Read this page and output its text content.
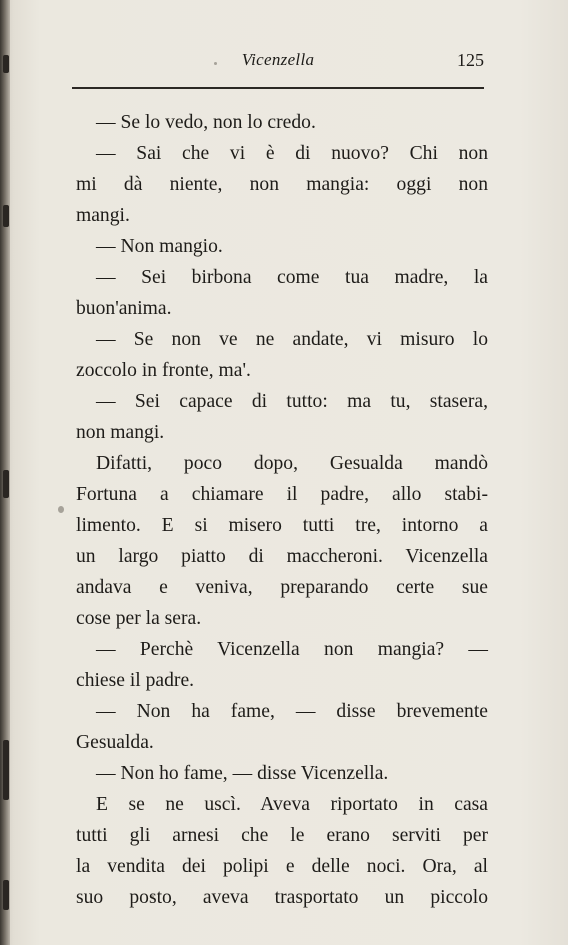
Vicenzella	125
— Se lo vedo, non lo credo.
— Sai che vi è di nuovo? Chi non
mi dà niente, non mangia: oggi non
mangi.
— Non mangio.
— Sei birbona come tua madre, la
buon'anima.
— Se non ve ne andate, vi misuro lo
zoccolo in fronte, ma'.
— Sei capace di tutto: ma tu, stasera,
non mangi.
Difatti, poco dopo, Gesualda mandò
Fortuna a chiamare il padre, allo stabi-
limento. E si misero tutti tre, intorno a
un largo piatto di maccheroni. Vicenzella
andava e veniva, preparando certe sue
cose per la sera.
— Perchè Vicenzella non mangia? —
chiese il padre.
— Non ha fame, — disse brevemente
Gesualda.
— Non ho fame, — disse Vicenzella.
E se ne uscì. Aveva riportato in casa
tutti gli arnesi che le erano serviti per
la vendita dei polipi e delle noci. Ora, al
suo posto, aveva trasportato un piccolo
